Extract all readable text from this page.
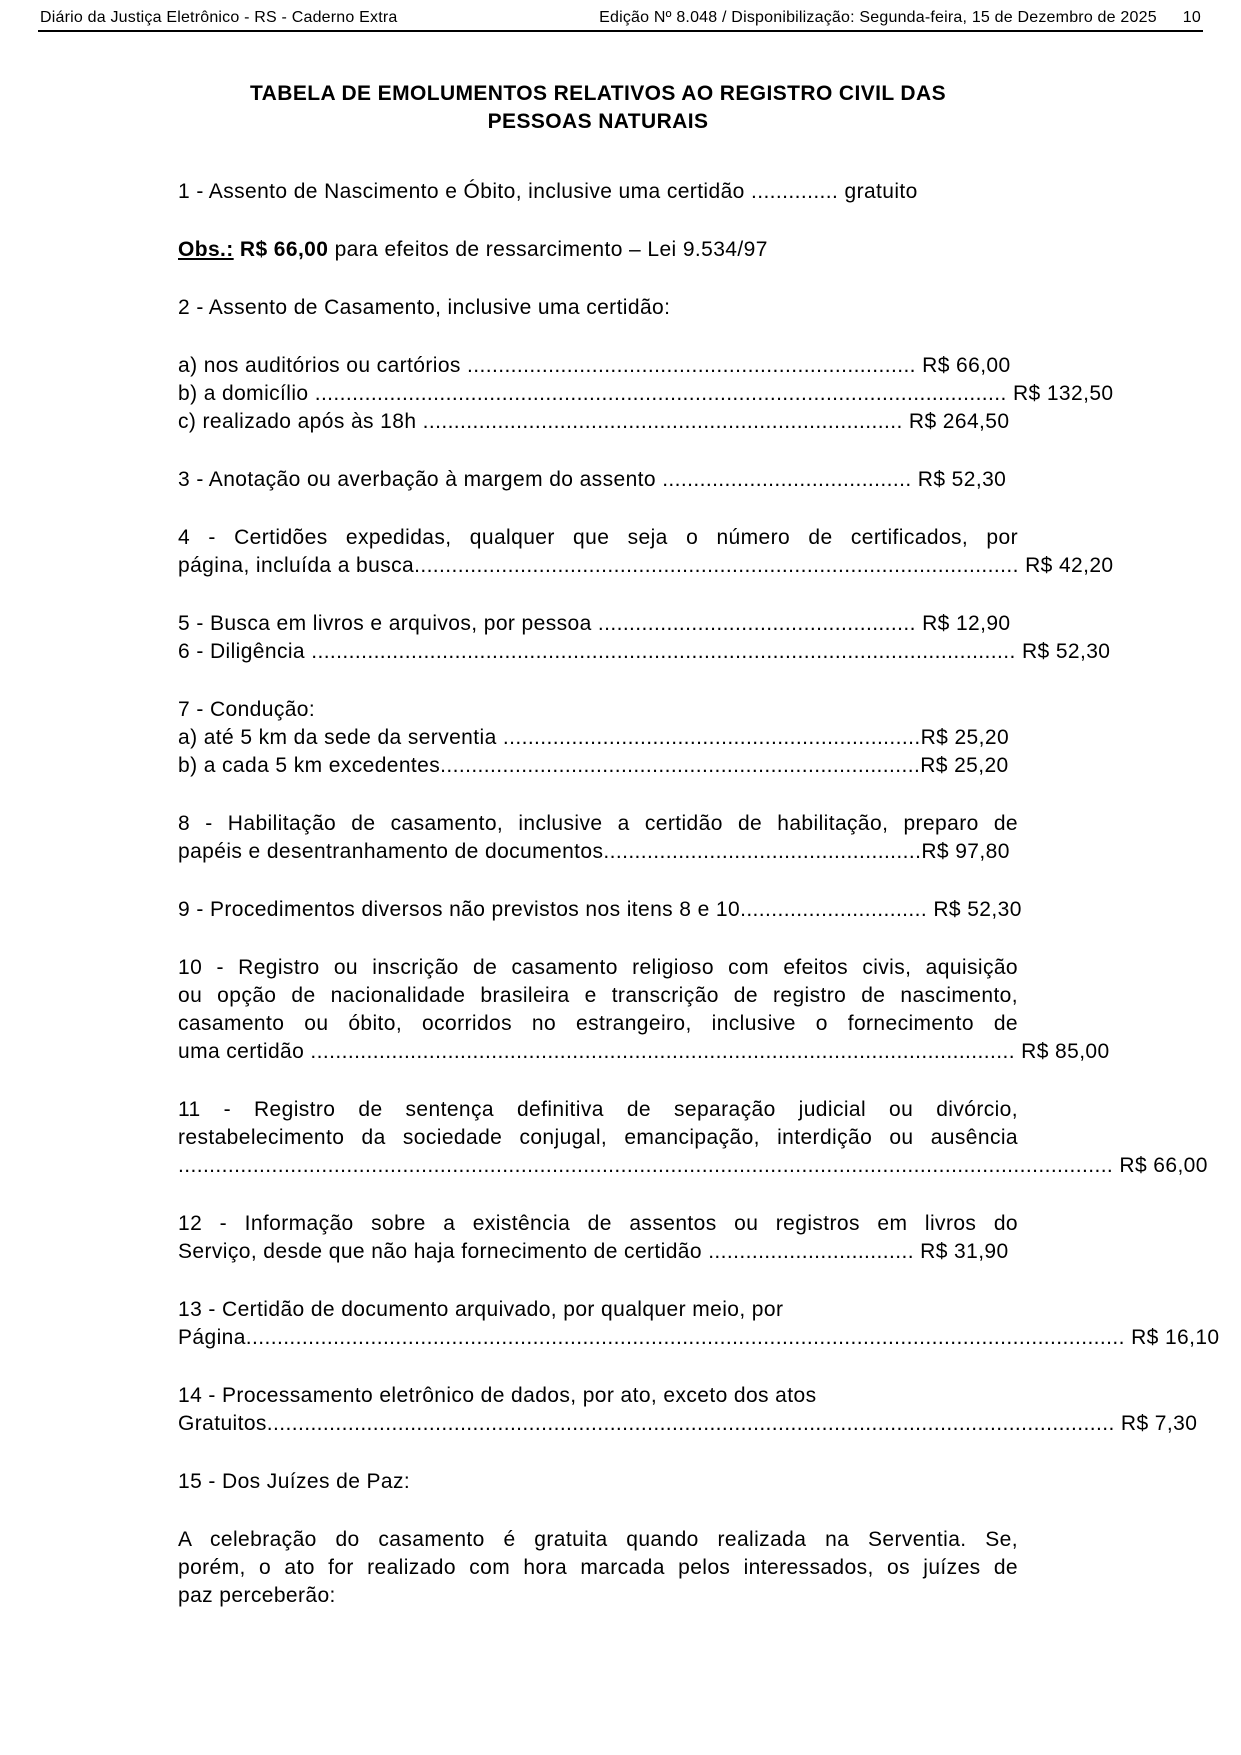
Diário da Justiça Eletrônico - RS - Caderno Extra	Edição Nº 8.048 / Disponibilização: Segunda-feira, 15 de Dezembro de 2025 10
TABELA DE EMOLUMENTOS RELATIVOS AO REGISTRO CIVIL DAS
PESSOAS NATURAIS
1 - Assento de Nascimento e Óbito, inclusive uma certidão .............. gratuito
Obs.: R$ 66,00 para efeitos de ressarcimento – Lei 9.534/97
2 - Assento de Casamento, inclusive uma certidão:
a) nos auditórios ou cartórios ........................................................................ R$ 66,00
b) a domicílio ............................................................................................................... R$ 132,50
c) realizado após às 18h ............................................................................. R$ 264,50
3 - Anotação ou averbação à margem do assento ........................................ R$ 52,30
4 - Certidões expedidas, qualquer que seja o número de certificados, por
página, incluída a busca................................................................................................. R$ 42,20
5 - Busca em livros e arquivos, por pessoa ................................................... R$ 12,90
6 - Diligência ................................................................................................................. R$ 52,30
7 - Condução:
a) até 5 km da sede da serventia ...................................................................R$ 25,20
b) a cada 5 km excedentes.............................................................................R$ 25,20
8 - Habilitação de casamento, inclusive a certidão de habilitação, preparo de
papéis e desentranhamento de documentos...................................................R$ 97,80
9 - Procedimentos diversos não previstos nos itens 8 e 10.............................. R$ 52,30
10 - Registro ou inscrição de casamento religioso com efeitos civis, aquisição
ou opção de nacionalidade brasileira e transcrição de registro de nascimento,
casamento ou óbito, ocorridos no estrangeiro, inclusive o fornecimento de
uma certidão ................................................................................................................. R$ 85,00
11 - Registro de sentença definitiva de separação judicial ou divórcio,
restabelecimento da sociedade conjugal, emancipação, interdição ou ausência
...................................................................................................................................................... R$ 66,00
12 - Informação sobre a existência de assentos ou registros em livros do
Serviço, desde que não haja fornecimento de certidão ................................. R$ 31,90
13 - Certidão de documento arquivado, por qualquer meio, por
Página............................................................................................................................................. R$ 16,10
14 - Processamento eletrônico de dados, por ato, exceto dos atos
Gratuitos........................................................................................................................................ R$ 7,30
15 - Dos Juízes de Paz:
A celebração do casamento é gratuita quando realizada na Serventia. Se,
porém, o ato for realizado com hora marcada pelos interessados, os juízes de
paz perceberão:
